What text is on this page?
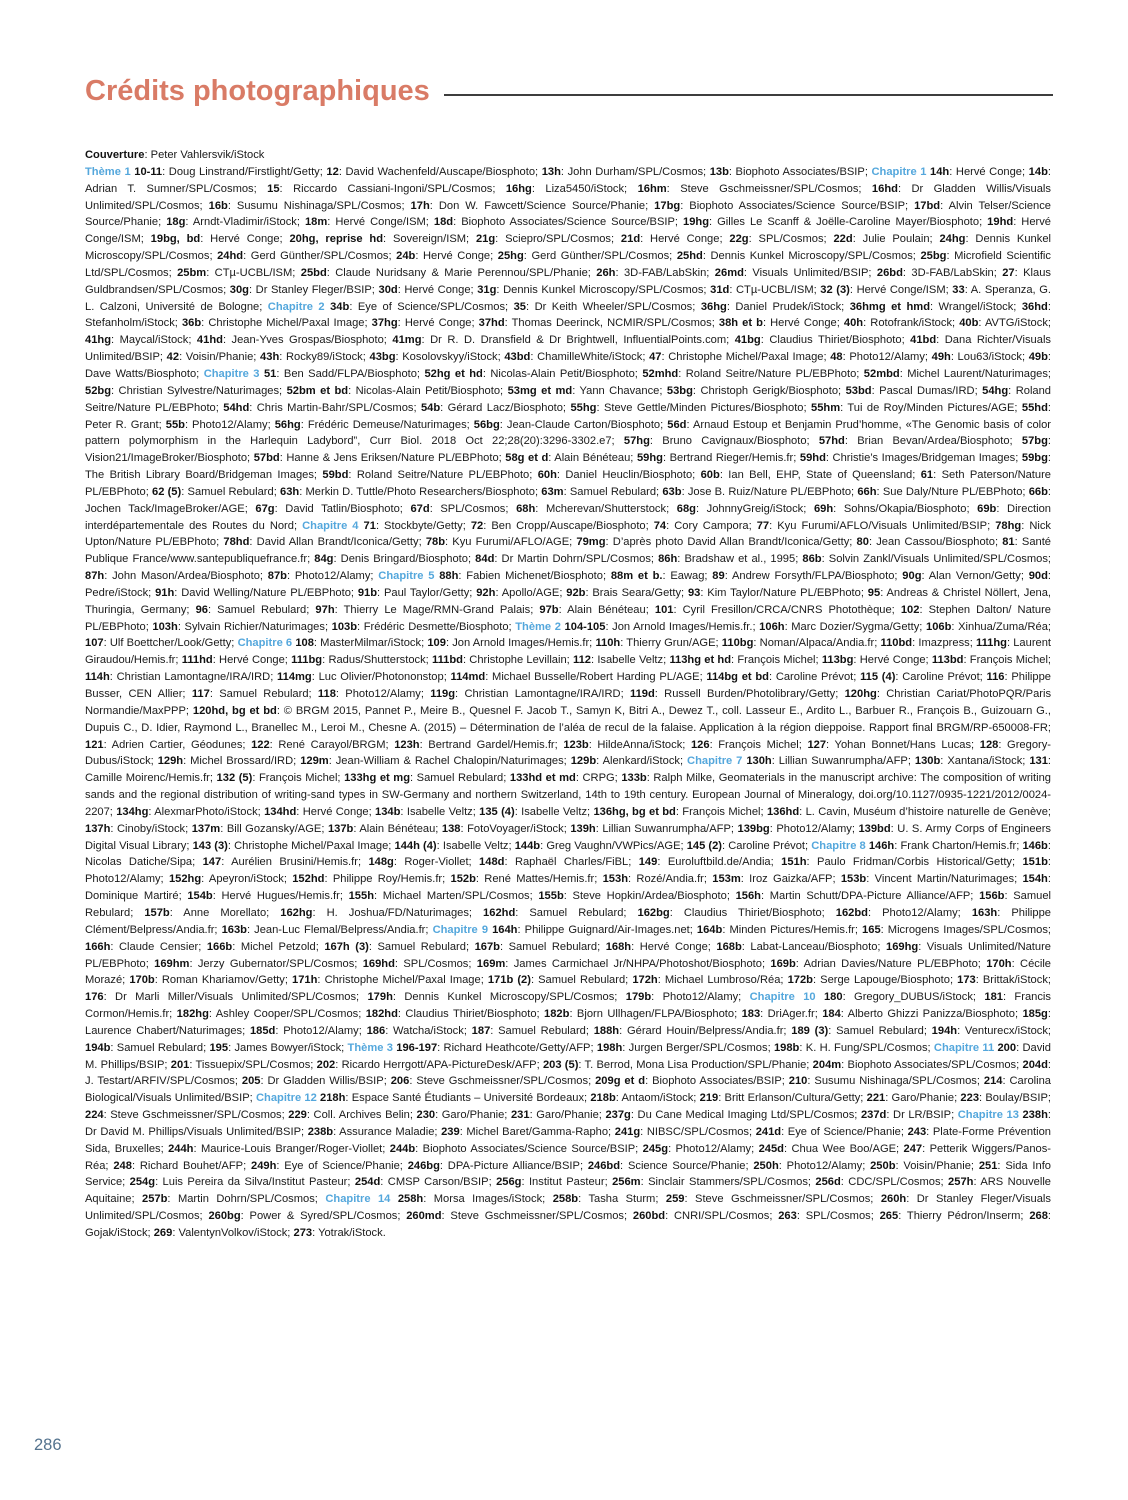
Crédits photographiques
Couverture: Peter Vahlersvik/iStock
Thème 1 10-11: Doug Linstrand/Firstlight/Getty; 12: David Wachenfeld/Auscape/Biosphoto; 13h: John Durham/SPL/Cosmos; 13b: Biophoto Associates/BSIP; Chapitre 1 14h: Hervé Conge; 14b: Adrian T. Sumner/SPL/Cosmos; 15: Riccardo Cassiani-Ingoni/SPL/Cosmos; 16hg: Liza5450/iStock; 16hm: Steve Gschmeissner/SPL/Cosmos; 16hd: Dr Gladden Willis/Visuals Unlimited/SPL/Cosmos; 16b: Susumu Nishinaga/SPL/Cosmos; 17h: Don W. Fawcett/Science Source/Phanie; 17bg: Biophoto Associates/Science Source/BSIP; 17bd: Alvin Telser/Science Source/Phanie; 18g: Arndt-Vladimir/iStock; 18m: Hervé Conge/ISM; 18d: Biophoto Associates/Science Source/BSIP; 19hg: Gilles Le Scanff & Joëlle-Caroline Mayer/Biosphoto; 19hd: Hervé Conge/ISM; 19bg, bd: Hervé Conge; 20hg, reprise hd: Sovereign/ISM; 21g: Sciepro/SPL/Cosmos; 21d: Hervé Conge; 22g: SPL/Cosmos; 22d: Julie Poulain; 24hg: Dennis Kunkel Microscopy/SPL/Cosmos; 24hd: Gerd Günther/SPL/Cosmos; 24b: Hervé Conge; 25hg: Gerd Günther/SPL/Cosmos; 25hd: Dennis Kunkel Microscopy/SPL/Cosmos; 25bg: Microfield Scientific Ltd/SPL/Cosmos; 25bm: CTµ-UCBL/ISM; 25bd: Claude Nuridsany & Marie Perennou/SPL/Phanie; 26h: 3D-FAB/LabSkin; 26md: Visuals Unlimited/BSIP; 26bd: 3D-FAB/LabSkin; 27: Klaus Guldbrandsen/SPL/Cosmos; 30g: Dr Stanley Fleger/BSIP; 30d: Hervé Conge; 31g: Dennis Kunkel Microscopy/SPL/Cosmos; 31d: CTµ-UCBL/ISM; 32 (3): Hervé Conge/ISM; 33: A. Speranza, G. L. Calzoni, Université de Bologne; Chapitre 2 34b: Eye of Science/SPL/Cosmos; 35: Dr Keith Wheeler/SPL/Cosmos; 36hg: Daniel Prudek/iStock; 36hmg et hmd: Wrangel/iStock; 36hd: Stefanholm/iStock; 36b: Christophe Michel/Paxal Image; 37hg: Hervé Conge; 37hd: Thomas Deerinck, NCMIR/SPL/Cosmos; 38h et b: Hervé Conge; 40h: Rotofrank/iStock; 40b: AVTG/iStock; 41hg: Maycal/iStock; 41hd: Jean-Yves Grospas/Biosphoto; 41mg: Dr R. D. Dransfield & Dr Brightwell, InfluentialPoints.com; 41bg: Claudius Thiriet/Biosphoto; 41bd: Dana Richter/Visuals Unlimited/BSIP; 42: Voisin/Phanie; 43h: Rocky89/iStock; 43bg: Kosolovskyy/iStock; 43bd: ChamilleWhite/iStock; 47: Christophe Michel/Paxal Image; 48: Photo12/Alamy; 49h: Lou63/iStock; 49b: Dave Watts/Biosphoto; Chapitre 3 51: Ben Sadd/FLPA/Biosphoto; 52hg et hd: Nicolas-Alain Petit/Biosphoto; 52mhd: Roland Seitre/Nature PL/EBPhoto; 52mbd: Michel Laurent/Naturimages; 52bg: Christian Sylvestre/Naturimages; 52bm et bd: Nicolas-Alain Petit/Biosphoto; 53mg et md: Yann Chavance; 53bg: Christoph Gerigk/Biosphoto; 53bd: Pascal Dumas/IRD; 54hg: Roland Seitre/Nature PL/EBPhoto; 54hd: Chris Martin-Bahr/SPL/Cosmos; 54b: Gérard Lacz/Biosphoto; 55hg: Steve Gettle/Minden Pictures/Biosphoto; 55hm: Tui de Roy/Minden Pictures/AGE; 55hd: Peter R. Grant; 55b: Photo12/Alamy; 56hg: Frédéric Demeuse/Naturimages; 56bg: Jean-Claude Carton/Biosphoto; 56d: Arnaud Estoup et Benjamin Prud’homme, «The Genomic basis of color pattern polymorphism in the Harlequin Ladybord”, Curr Biol. 2018 Oct 22;28(20):3296-3302.e7; 57hg: Bruno Cavignaux/Biosphoto; 57hd: Brian Bevan/Ardea/Biosphoto; 57bg: Vision21/ImageBroker/Biosphoto; 57bd: Hanne & Jens Eriksen/Nature PL/EBPhoto; 58g et d: Alain Bénéteau; 59hg: Bertrand Rieger/Hemis.fr; 59hd: Christie’s Images/Bridgeman Images; 59bg: The British Library Board/Bridgeman Images; 59bd: Roland Seitre/Nature PL/EBPhoto; 60h: Daniel Heuclin/Biosphoto; 60b: Ian Bell, EHP, State of Queensland; 61: Seth Paterson/Nature PL/EBPhoto; 62 (5): Samuel Rebulard; 63h: Merkin D. Tuttle/Photo Researchers/Biosphoto; 63m: Samuel Rebulard; 63b: Jose B. Ruiz/Nature PL/EBPhoto; 66h: Sue Daly/Nture PL/EBPhoto; 66b: Jochen Tack/ImageBroker/AGE; 67g: David Tatlin/Biosphoto; 67d: SPL/Cosmos; 68h: Mcherevan/Shutterstock; 68g: JohnnyGreig/iStock; 69h: Sohns/Okapia/Biosphoto; 69b: Direction interdépartementale des Routes du Nord; Chapitre 4 71: Stockbyte/Getty; 72: Ben Cropp/Auscape/Biosphoto; 74: Cory Campora; 77: Kyu Furumi/AFLO/Visuals Unlimited/BSIP; 78hg: Nick Upton/Nature PL/EBPhoto; 78hd: David Allan Brandt/Iconica/Getty; 78b: Kyu Furumi/AFLO/AGE; 79mg: D’après photo David Allan Brandt/Iconica/Getty; 80: Jean Cassou/Biosphoto; 81: Santé Publique France/www.santepubliquefrance.fr; 84g: Denis Bringard/Biosphoto; 84d: Dr Martin Dohrn/SPL/Cosmos; 86h: Bradshaw et al., 1995; 86b: Solvin Zankl/Visuals Unlimited/SPL/Cosmos; 87h: John Mason/Ardea/Biosphoto; 87b: Photo12/Alamy; Chapitre 5 88h: Fabien Michenet/Biosphoto; 88m et b.: Eawag; 89: Andrew Forsyth/FLPA/Biosphoto; 90g: Alan Vernon/Getty; 90d: Pedre/iStock; 91h: David Welling/Nature PL/EBPhoto; 91b: Paul Taylor/Getty; 92h: Apollo/AGE; 92b: Brais Seara/Getty; 93: Kim Taylor/Nature PL/EBPhoto; 95: Andreas & Christel Nöllert, Jena, Thuringia, Germany; 96: Samuel Rebulard; 97h: Thierry Le Mage/RMN-Grand Palais; 97b: Alain Bénéteau; 101: Cyril Fresillon/CRCA/CNRS Photothèque; 102: Stephen Dalton/ Nature PL/EBPhoto; 103h: Sylvain Richier/Naturimages; 103b: Frédéric Desmette/Biosphoto; Thème 2 104-105: Jon Arnold Images/Hemis.fr.; 106h: Marc Dozier/Sygma/Getty; 106b: Xinhua/Zuma/Réa; 107: Ulf Boettcher/Look/Getty; Chapitre 6 108: MasterMilmar/iStock; 109: Jon Arnold Images/Hemis.fr; 110h: Thierry Grun/AGE; 110bg: Noman/Alpaca/Andia.fr; 110bd: Imazpress; 111hg: Laurent Giraudou/Hemis.fr; 111hd: Hervé Conge; 111bg: Radus/Shutterstock; 111bd: Christophe Levillain; 112: Isabelle Veltz; 113hg et hd: François Michel; 113bg: Hervé Conge; 113bd: François Michel; 114h: Christian Lamontagne/IRA/IRD; 114mg: Luc Olivier/Photononstop; 114md: Michael Busselle/Robert Harding PL/AGE; 114bg et bd: Caroline Prévot; 115 (4): Caroline Prévot; 116: Philippe Busser, CEN Allier; 117: Samuel Rebulard; 118: Photo12/Alamy; 119g: Christian Lamontagne/IRA/IRD; 119d: Russell Burden/Photolibrary/Getty; 120hg: Christian Cariat/PhotoPQR/Paris Normandie/MaxPPP; 120hd, bg et bd: © BRGM 2015, Pannet P., Meire B., Quesnel F. Jacob T., Samyn K, Bitri A., Dewez T., coll. Lasseur E., Ardito L., Barbuer R., François B., Guizouarn G., Dupuis C., D. Idier, Raymond L., Branellec M., Leroi M., Chesne A. (2015) – Détermination de l’aléa de recul de la falaise. Application à la région dieppoise. Rapport final BRGM/RP-650008-FR; 121: Adrien Cartier, Géodunes; 122: René Carayol/BRGM; 123h: Bertrand Gardel/Hemis.fr; 123b: HildeAnna/iStock; 126: François Michel; 127: Yohan Bonnet/Hans Lucas; 128: Gregory-Dubus/iStock; 129h: Michel Brossard/IRD; 129m: Jean-William & Rachel Chalopin/Naturimages; 129b: Alenkard/iStock; Chapitre 7 130h: Lillian Suwanrumpha/AFP; 130b: Xantana/iStock; 131: Camille Moirenc/Hemis.fr; 132 (5): François Michel; 133hg et mg: Samuel Rebulard; 133hd et md: CRPG; 133b: Ralph Milke, Geomaterials in the manuscript archive: The composition of writing sands and the regional distribution of writing-sand types in SW-Germany and northern Switzerland, 14th to 19th century. European Journal of Mineralogy, doi.org/10.1127/0935-1221/2012/0024-2207; 134hg: AlexmarPhoto/iStock; 134hd: Hervé Conge; 134b: Isabelle Veltz; 135 (4): Isabelle Veltz; 136hg, bg et bd: François Michel; 136hd: L. Cavin, Muséum d’histoire naturelle de Genève; 137h: Cinoby/iStock; 137m: Bill Gozansky/AGE; 137b: Alain Bénéteau; 138: FotoVoyager/iStock; 139h: Lillian Suwanrumpha/AFP; 139bg: Photo12/Alamy; 139bd: U. S. Army Corps of Engineers Digital Visual Library; 143 (3): Christophe Michel/Paxal Image; 144h (4): Isabelle Veltz; 144b: Greg Vaughn/VWPics/AGE; 145 (2): Caroline Prévot; Chapitre 8 146h: Frank Charton/Hemis.fr; 146b: Nicolas Datiche/Sipa; 147: Aurélien Brusini/Hemis.fr; 148g: Roger-Viollet; 148d: Raphaël Charles/FiBL; 149: Euroluftbild.de/Andia; 151h: Paulo Fridman/Corbis Historical/Getty; 151b: Photo12/Alamy; 152hg: Apeyron/iStock; 152hd: Philippe Roy/Hemis.fr; 152b: René Mattes/Hemis.fr; 153h: Rozé/Andia.fr; 153m: Iroz Gaizka/AFP; 153b: Vincent Martin/Naturimages; 154h: Dominique Martiré; 154b: Hervé Hugues/Hemis.fr; 155h: Michael Marten/SPL/Cosmos; 155b: Steve Hopkin/Ardea/Biosphoto; 156h: Martin Schutt/DPA-Picture Alliance/AFP; 156b: Samuel Rebulard; 157b: Anne Morellato; 162hg: H. Joshua/FD/Naturimages; 162hd: Samuel Rebulard; 162bg: Claudius Thiriet/Biosphoto; 162bd: Photo12/Alamy; 163h: Philippe Clément/Belpress/Andia.fr; 163b: Jean-Luc Flemal/Belpress/Andia.fr; Chapitre 9 164h: Philippe Guignard/Air-Images.net; 164b: Minden Pictures/Hemis.fr; 165: Microgens Images/SPL/Cosmos; 166h: Claude Censier; 166b: Michel Petzold; 167h (3): Samuel Rebulard; 167b: Samuel Rebulard; 168h: Hervé Conge; 168b: Labat-Lanceau/Biosphoto; 169hg: Visuals Unlimited/Nature PL/EBPhoto; 169hm: Jerzy Gubernator/SPL/Cosmos; 169hd: SPL/Cosmos; 169m: James Carmichael Jr/NHPA/Photoshot/Biosphoto; 169b: Adrian Davies/Nature PL/EBPhoto; 170h: Cécile Morazé; 170b: Roman Khariamov/Getty; 171h: Christophe Michel/Paxal Image; 171b (2): Samuel Rebulard; 172h: Michael Lumbroso/Réa; 172b: Serge Lapouge/Biosphoto; 173: Brittak/iStock; 176: Dr Marli Miller/Visuals Unlimited/SPL/Cosmos; 179h: Dennis Kunkel Microscopy/SPL/Cosmos; 179b: Photo12/Alamy; Chapitre 10 180: Gregory_DUBUS/iStock; 181: Francis Cormon/Hemis.fr; 182hg: Ashley Cooper/SPL/Cosmos; 182hd: Claudius Thiriet/Biosphoto; 182b: Bjorn Ullhagen/FLPA/Biosphoto; 183: DriAger.fr; 184: Alberto Ghizzi Panizza/Biosphoto; 185g: Laurence Chabert/Naturimages; 185d: Photo12/Alamy; 186: Watcha/iStock; 187: Samuel Rebulard; 188h: Gérard Houin/Belpress/Andia.fr; 189 (3): Samuel Rebulard; 194h: Venturecx/iStock; 194b: Samuel Rebulard; 195: James Bowyer/iStock; Thème 3 196-197: Richard Heathcote/Getty/AFP; 198h: Jurgen Berger/SPL/Cosmos; 198b: K. H. Fung/SPL/Cosmos; Chapitre 11 200: David M. Phillips/BSIP; 201: Tissuepix/SPL/Cosmos; 202: Ricardo Herrgott/APA-PictureDesk/AFP; 203 (5): T. Berrod, Mona Lisa Production/SPL/Phanie; 204m: Biophoto Associates/SPL/Cosmos; 204d: J. Testart/ARFIV/SPL/Cosmos; 205: Dr Gladden Willis/BSIP; 206: Steve Gschmeissner/SPL/Cosmos; 209g et d: Biophoto Associates/BSIP; 210: Susumu Nishinaga/SPL/Cosmos; 214: Carolina Biological/Visuals Unlimited/BSIP; Chapitre 12 218h: Espace Santé Étudiants – Université Bordeaux; 218b: Antaom/iStock; 219: Britt Erlanson/Cultura/Getty; 221: Garo/Phanie; 223: Boulay/BSIP; 224: Steve Gschmeissner/SPL/Cosmos; 229: Coll. Archives Belin; 230: Garo/Phanie; 231: Garo/Phanie; 237g: Du Cane Medical Imaging Ltd/SPL/Cosmos; 237d: Dr LR/BSIP; Chapitre 13 238h: Dr David M. Phillips/Visuals Unlimited/BSIP; 238b: Assurance Maladie; 239: Michel Baret/Gamma-Rapho; 241g: NIBSC/SPL/Cosmos; 241d: Eye of Science/Phanie; 243: Plate-Forme Prévention Sida, Bruxelles; 244h: Maurice-Louis Branger/Roger-Viollet; 244b: Biophoto Associates/Science Source/BSIP; 245g: Photo12/Alamy; 245d: Chua Wee Boo/AGE; 247: Petterik Wiggers/Panos-Réa; 248: Richard Bouhet/AFP; 249h: Eye of Science/Phanie; 246bg: DPA-Picture Alliance/BSIP; 246bd: Science Source/Phanie; 250h: Photo12/Alamy; 250b: Voisin/Phanie; 251: Sida Info Service; 254g: Luis Pereira da Silva/Institut Pasteur; 254d: CMSP Carson/BSIP; 256g: Institut Pasteur; 256m: Sinclair Stammers/SPL/Cosmos; 256d: CDC/SPL/Cosmos; 257h: ARS Nouvelle Aquitaine; 257b: Martin Dohrn/SPL/Cosmos; Chapitre 14 258h: Morsa Images/iStock; 258b: Tasha Sturm; 259: Steve Gschmeissner/SPL/Cosmos; 260h: Dr Stanley Fleger/Visuals Unlimited/SPL/Cosmos; 260bg: Power & Syred/SPL/Cosmos; 260md: Steve Gschmeissner/SPL/Cosmos; 260bd: CNRI/SPL/Cosmos; 263: SPL/Cosmos; 265: Thierry Pédron/Inserm; 268: Gojak/iStock; 269: ValentynVolkov/iStock; 273: Yotrak/iStock.
286
